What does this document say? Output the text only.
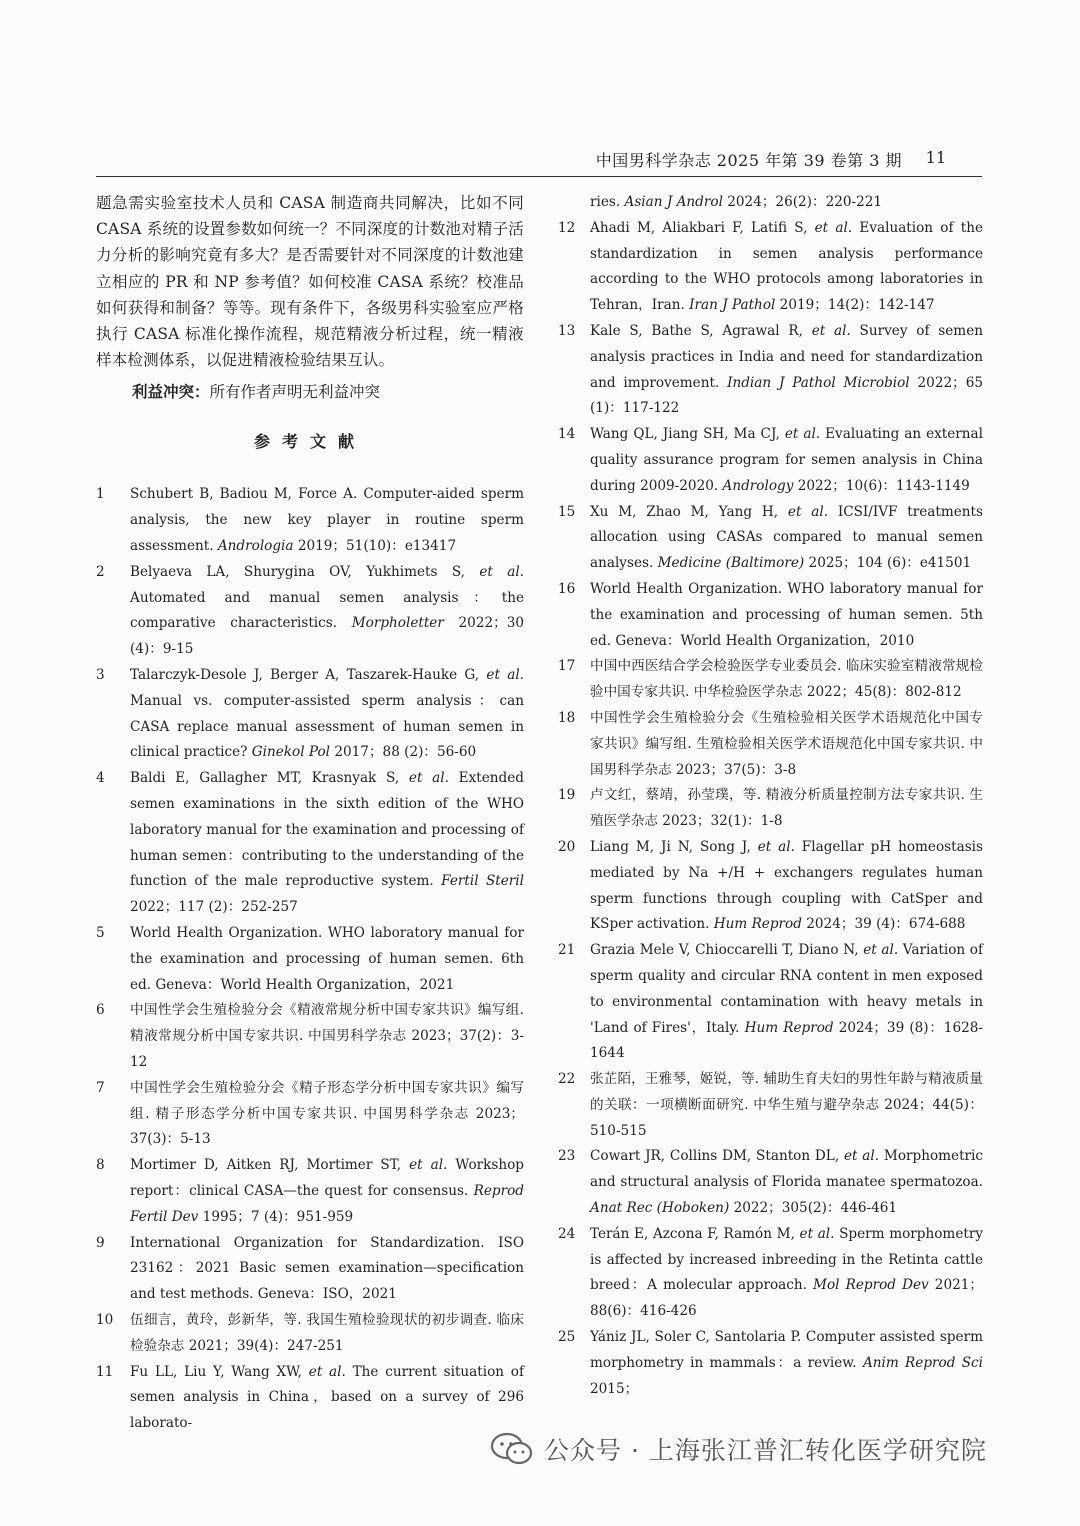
中国男科学杂志 2025 年第 39 卷第 3 期 11

题急需实验室技术人员和 CASA 制造商共同解决，比如不同 CASA 系统的设置参数如何统一？不同深度的计数池对精子活力分析的影响究竟有多大？是否需要针对不同深度的计数池建立相应的 PR 和 NP 参考值？如何校准 CASA 系统？校准品如何获得和制备？等等。现有条件下，各级男科实验室应严格执行 CASA 标准化操作流程，规范精液分析过程，统一精液样本检测体系，以促进精液检验结果互认。

利益冲突：所有作者声明无利益冲突

参考文献
1	Schubert B, Badiou M, Force A. Computer-aided sperm analysis, the new key player in routine sperm assessment. Andrologia 2019；51(10)：e13417
2	Belyaeva LA, Shurygina OV, Yukhimets S, et al. Automated and manual semen analysis：the comparative characteristics. Morpholetter 2022；30 (4)：9-15
3	Talarczyk-Desole J, Berger A, Taszarek-Hauke G, et al. Manual vs. computer-assisted sperm analysis：can CASA replace manual assessment of human semen in clinical practice? Ginekol Pol 2017；88 (2)：56-60
4	Baldi E, Gallagher MT, Krasnyak S, et al. Extended semen examinations in the sixth edition of the WHO laboratory manual for the examination and processing of human semen：contributing to the understanding of the function of the male reproductive system. Fertil Steril 2022；117 (2)：252-257
5	World Health Organization. WHO laboratory manual for the examination and processing of human semen. 6th ed. Geneva：World Health Organization，2021
6	中国性学会生殖检验分会《精液常规分析中国专家共识》编写组. 精液常规分析中国专家共识. 中国男科学杂志 2023；37(2)：3-12
7	中国性学会生殖检验分会《精子形态学分析中国专家共识》编写组. 精子形态学分析中国专家共识. 中国男科学杂志 2023；37(3)：5-13
8	Mortimer D, Aitken RJ, Mortimer ST, et al. Workshop report：clinical CASA—the quest for consensus. Reprod Fertil Dev 1995；7 (4)：951-959
9	International Organization for Standardization. ISO 23162：2021 Basic semen examination—specification and test methods. Geneva：ISO，2021
10	伍细言，黄玲，彭新华，等. 我国生殖检验现状的初步调查. 临床检验杂志 2021；39(4)：247-251
11	Fu LL, Liu Y, Wang XW, et al. The current situation of semen analysis in China，based on a survey of 296 laborato-
ries. Asian J Androl 2024；26(2)：220-221
12	Ahadi M, Aliakbari F, Latifi S, et al. Evaluation of the standardization in semen analysis performance according to the WHO protocols among laboratories in Tehran，Iran. Iran J Pathol 2019；14(2)：142-147
13	Kale S, Bathe S, Agrawal R, et al. Survey of semen analysis practices in India and need for standardization and improvement. Indian J Pathol Microbiol 2022；65 (1)：117-122
14	Wang QL, Jiang SH, Ma CJ, et al. Evaluating an external quality assurance program for semen analysis in China during 2009-2020. Andrology 2022；10(6)：1143-1149
15	Xu M, Zhao M, Yang H, et al. ICSI/IVF treatments allocation using CASAs compared to manual semen analyses. Medicine (Baltimore) 2025；104 (6)：e41501
16	World Health Organization. WHO laboratory manual for the examination and processing of human semen. 5th ed. Geneva：World Health Organization，2010
17	中国中西医结合学会检验医学专业委员会. 临床实验室精液常规检验中国专家共识. 中华检验医学杂志 2022；45(8)：802-812
18	中国性学会生殖检验分会《生殖检验相关医学术语规范化中国专家共识》编写组. 生殖检验相关医学术语规范化中国专家共识. 中国男科学杂志 2023；37(5)：3-8
19	卢文红，蔡靖，孙莹璞，等. 精液分析质量控制方法专家共识. 生殖医学杂志 2023；32(1)：1-8
20	Liang M, Ji N, Song J, et al. Flagellar pH homeostasis mediated by Na +/H + exchangers regulates human sperm functions through coupling with CatSper and KSper activation. Hum Reprod 2024；39 (4)：674-688
21	Grazia Mele V, Chioccarelli T, Diano N, et al. Variation of sperm quality and circular RNA content in men exposed to environmental contamination with heavy metals in 'Land of Fires'，Italy. Hum Reprod 2024；39 (8)：1628-1644
22	张芷陌，王雅琴，姬锐，等. 辅助生育夫妇的男性年龄与精液质量的关联：一项横断面研究. 中华生殖与避孕杂志 2024；44(5)：510-515
23	Cowart JR, Collins DM, Stanton DL, et al. Morphometric and structural analysis of Florida manatee spermatozoa. Anat Rec (Hoboken) 2022；305(2)：446-461
24	Terán E, Azcona F, Ramón M, et al. Sperm morphometry is affected by increased inbreeding in the Retinta cattle breed：A molecular approach. Mol Reprod Dev 2021；88(6)：416-426
25	Yániz JL, Soler C, Santolaria P. Computer assisted sperm morphometry in mammals：a review. Anim Reprod Sci 2015；
公众号 · 上海张江普汇转化医学研究院
